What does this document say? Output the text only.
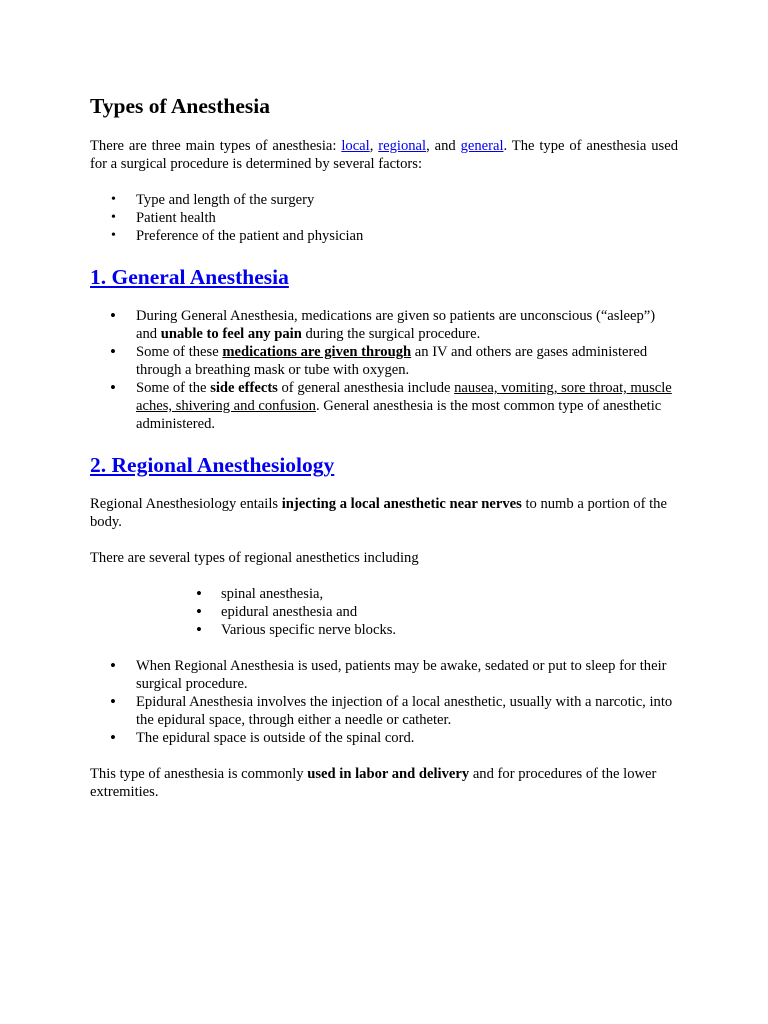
Types of Anesthesia

There are three main types of anesthesia: local, regional, and general. The type of anesthesia used for a surgical procedure is determined by several factors:

• Type and length of the surgery
• Patient health
• Preference of the patient and physician
1. General Anesthesia
• During General Anesthesia, medications are given so patients are unconscious (“asleep”) and unable to feel any pain during the surgical procedure.
• Some of these medications are given through an IV and others are gases administered through a breathing mask or tube with oxygen.
• Some of the side effects of general anesthesia include nausea, vomiting, sore throat, muscle aches, shivering and confusion. General anesthesia is the most common type of anesthetic administered.
2. Regional Anesthesiology

Regional Anesthesiology entails injecting a local anesthetic near nerves to numb a portion of the body.

There are several types of regional anesthetics including

• spinal anesthesia,
• epidural anesthesia and
• Various specific nerve blocks.
• When Regional Anesthesia is used, patients may be awake, sedated or put to sleep for their surgical procedure.
• Epidural Anesthesia involves the injection of a local anesthetic, usually with a narcotic, into the epidural space, through either a needle or catheter.
• The epidural space is outside of the spinal cord.

This type of anesthesia is commonly used in labor and delivery and for procedures of the lower extremities.
